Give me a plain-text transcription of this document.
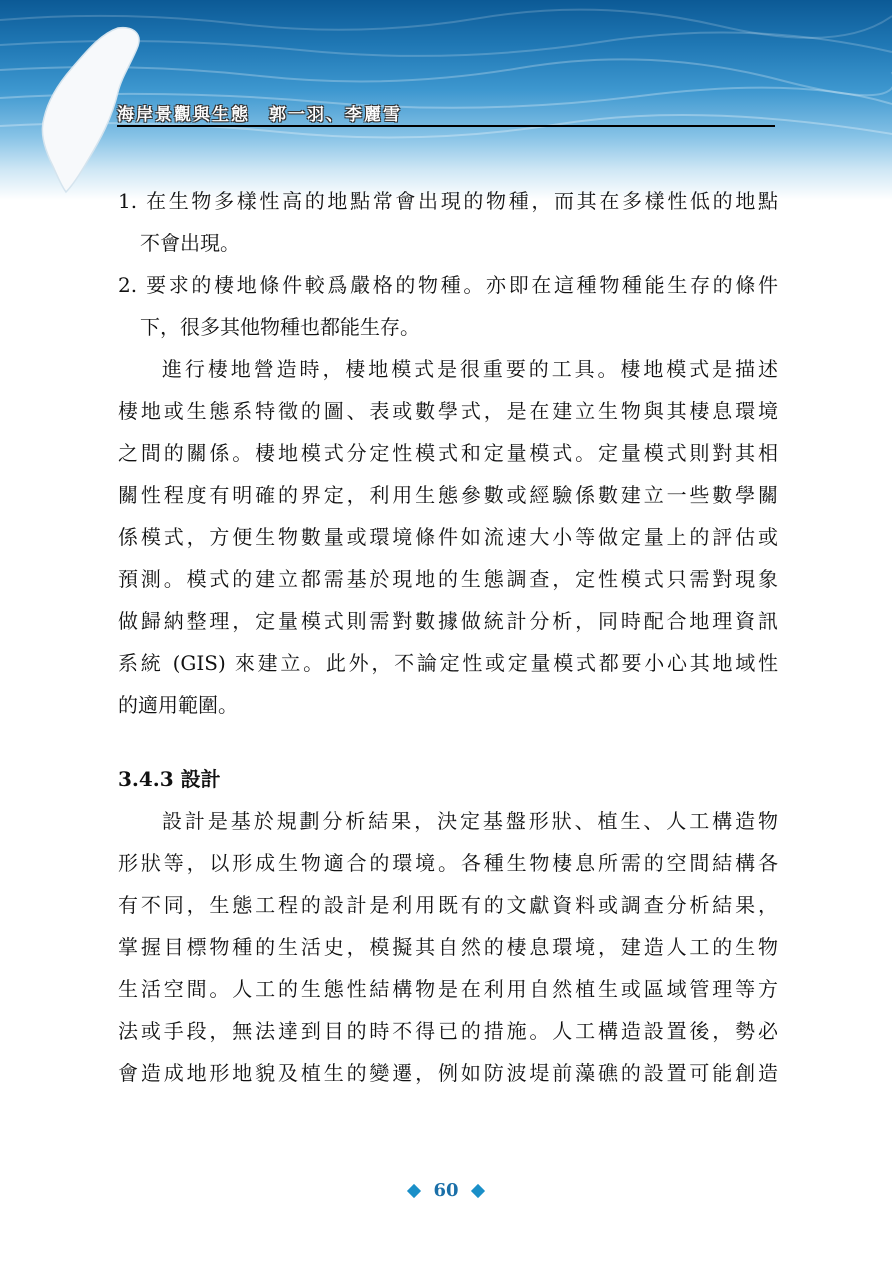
海岸景觀與生態　郭一羽、李麗雪
1. 在生物多樣性高的地點常會出現的物種，而其在多樣性低的地點
不會出現。
2. 要求的棲地條件較爲嚴格的物種。亦即在這種物種能生存的條件
下，很多其他物種也都能生存。
進行棲地營造時，棲地模式是很重要的工具。棲地模式是描述
棲地或生態系特徵的圖、表或數學式，是在建立生物與其棲息環境
之間的關係。棲地模式分定性模式和定量模式。定量模式則對其相
關性程度有明確的界定，利用生態參數或經驗係數建立一些數學關
係模式，方便生物數量或環境條件如流速大小等做定量上的評估或
預測。模式的建立都需基於現地的生態調查，定性模式只需對現象
做歸納整理，定量模式則需對數據做統計分析，同時配合地理資訊
系統 (GIS) 來建立。此外，不論定性或定量模式都要小心其地域性
的適用範圍。
3.4.3 設計
設計是基於規劃分析結果，決定基盤形狀、植生、人工構造物
形狀等，以形成生物適合的環境。各種生物棲息所需的空間結構各
有不同，生態工程的設計是利用既有的文獻資料或調查分析結果，
掌握目標物種的生活史，模擬其自然的棲息環境，建造人工的生物
生活空間。人工的生態性結構物是在利用自然植生或區域管理等方
法或手段，無法達到目的時不得已的措施。人工構造設置後，勢必
會造成地形地貌及植生的變遷，例如防波堤前藻礁的設置可能創造
60
